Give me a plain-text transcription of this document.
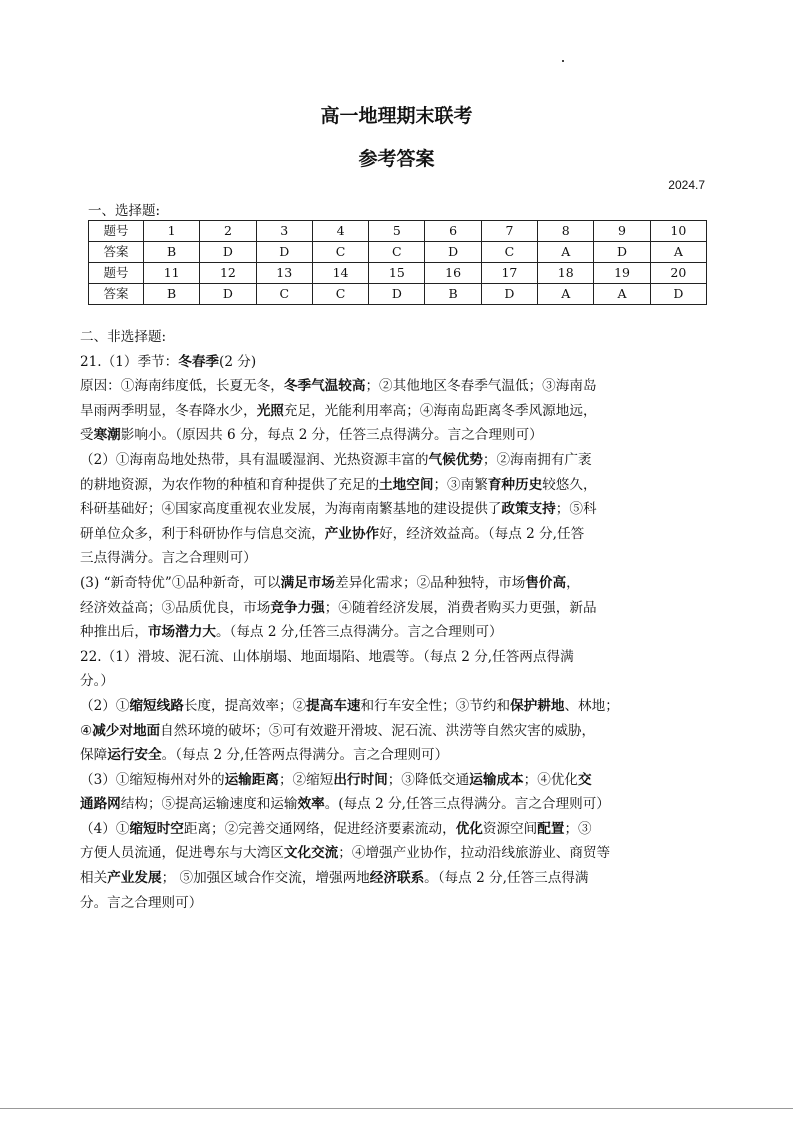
高一地理期末联考
参考答案
2024.7
一、选择题:
题号	1	2	3	4	5	6	7	8	9	10
答案	B	D	D	C	C	D	C	A	D	A
题号	11	12	13	14	15	16	17	18	19	20
答案	B	D	C	C	D	B	D	A	A	D
二、非选择题:
21.（1）季节：冬春季(2 分)
原因：①海南纬度低，长夏无冬，冬季气温较高；②其他地区冬春季气温低；③海南岛
旱雨两季明显，冬春降水少，光照充足，光能利用率高；④海南岛距离冬季风源地远，
受寒潮影响小。（原因共 6 分，每点 2 分，任答三点得满分。言之合理则可）
（2）①海南岛地处热带，具有温暖湿润、光热资源丰富的气候优势；②海南拥有广袤
的耕地资源，为农作物的种植和育种提供了充足的土地空间；③南繁育种历史较悠久，
科研基础好；④国家高度重视农业发展，为海南南繁基地的建设提供了政策支持；⑤科
研单位众多，利于科研协作与信息交流，产业协作好，经济效益高。（每点 2 分,任答
三点得满分。言之合理则可）
(3) “新奇特优”①品种新奇，可以满足市场差异化需求；②品种独特，市场售价高，
经济效益高；③品质优良，市场竞争力强；④随着经济发展，消费者购买力更强，新品
种推出后，市场潜力大。（每点 2 分,任答三点得满分。言之合理则可）
22.（1）滑坡、泥石流、山体崩塌、地面塌陷、地震等。（每点 2 分,任答两点得满
分。）
（2）①缩短线路长度，提高效率；②提高车速和行车安全性；③节约和保护耕地、林地；
④减少对地面自然环境的破坏；⑤可有效避开滑坡、泥石流、洪涝等自然灾害的威胁，
保障运行安全。（每点 2 分,任答两点得满分。言之合理则可）
（3）①缩短梅州对外的运输距离；②缩短出行时间；③降低交通运输成本；④优化交
通路网结构；⑤提高运输速度和运输效率。(每点 2 分,任答三点得满分。言之合理则可）
（4）①缩短时空距离；②完善交通网络，促进经济要素流动，优化资源空间配置；③
方便人员流通，促进粤东与大湾区文化交流；④增强产业协作，拉动沿线旅游业、商贸等
相关产业发展； ⑤加强区域合作交流，增强两地经济联系。（每点 2 分,任答三点得满
分。言之合理则可）
